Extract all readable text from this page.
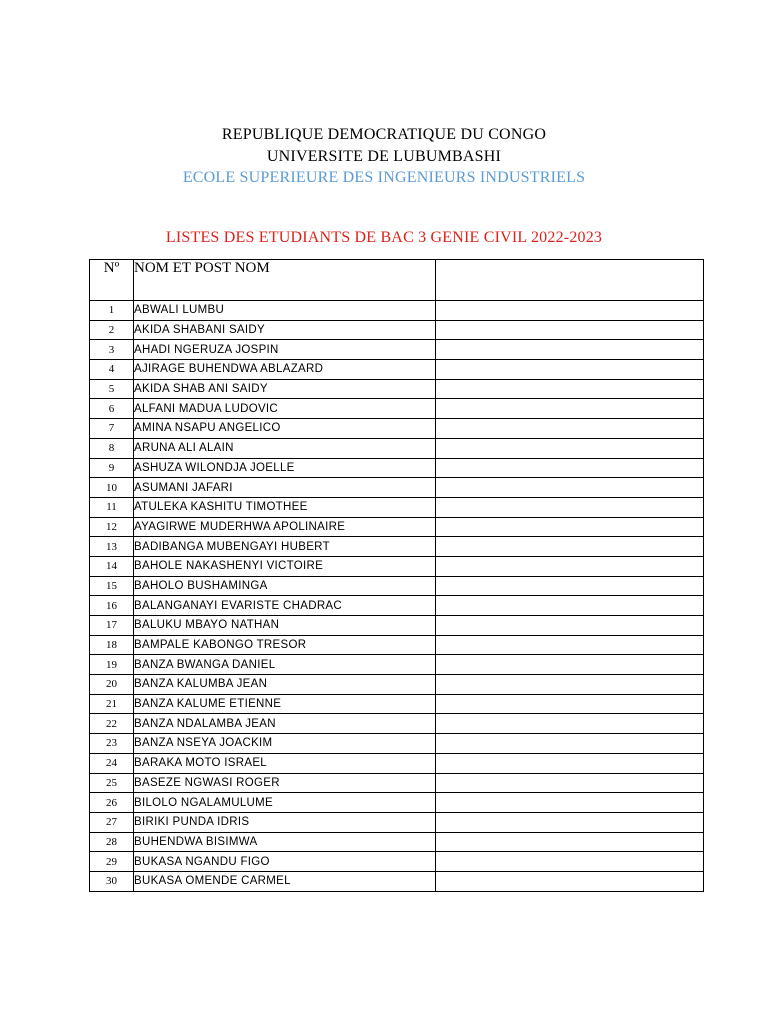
REPUBLIQUE DEMOCRATIQUE DU CONGO
UNIVERSITE DE LUBUMBASHI
ECOLE SUPERIEURE DES INGENIEURS INDUSTRIELS
LISTES DES ETUDIANTS DE BAC 3 GENIE CIVIL 2022-2023
Nº	NOM ET POST NOM	
1	ABWALI LUMBU	
2	AKIDA SHABANI SAIDY	
3	AHADI NGERUZA JOSPIN	
4	AJIRAGE BUHENDWA ABLAZARD	
5	AKIDA SHAB ANI SAIDY	
6	ALFANI MADUA LUDOVIC	
7	AMINA NSAPU ANGELICO	
8	ARUNA ALI ALAIN	
9	ASHUZA WILONDJA JOELLE	
10	ASUMANI JAFARI	
11	ATULEKA KASHITU TIMOTHEE	
12	AYAGIRWE MUDERHWA APOLINAIRE	
13	BADIBANGA MUBENGAYI HUBERT	
14	BAHOLE NAKASHENYI VICTOIRE	
15	BAHOLO BUSHAMINGA	
16	BALANGANAYI EVARISTE CHADRAC	
17	BALUKU MBAYO NATHAN	
18	BAMPALE KABONGO TRESOR	
19	BANZA BWANGA DANIEL	
20	BANZA KALUMBA JEAN	
21	BANZA KALUME ETIENNE	
22	BANZA NDALAMBA JEAN	
23	BANZA NSEYA JOACKIM	
24	BARAKA MOTO ISRAEL	
25	BASEZE NGWASI ROGER	
26	BILOLO NGALAMULUME	
27	BIRIKI PUNDA IDRIS	
28	BUHENDWA BISIMWA	
29	BUKASA NGANDU FIGO	
30	BUKASA OMENDE CARMEL	
